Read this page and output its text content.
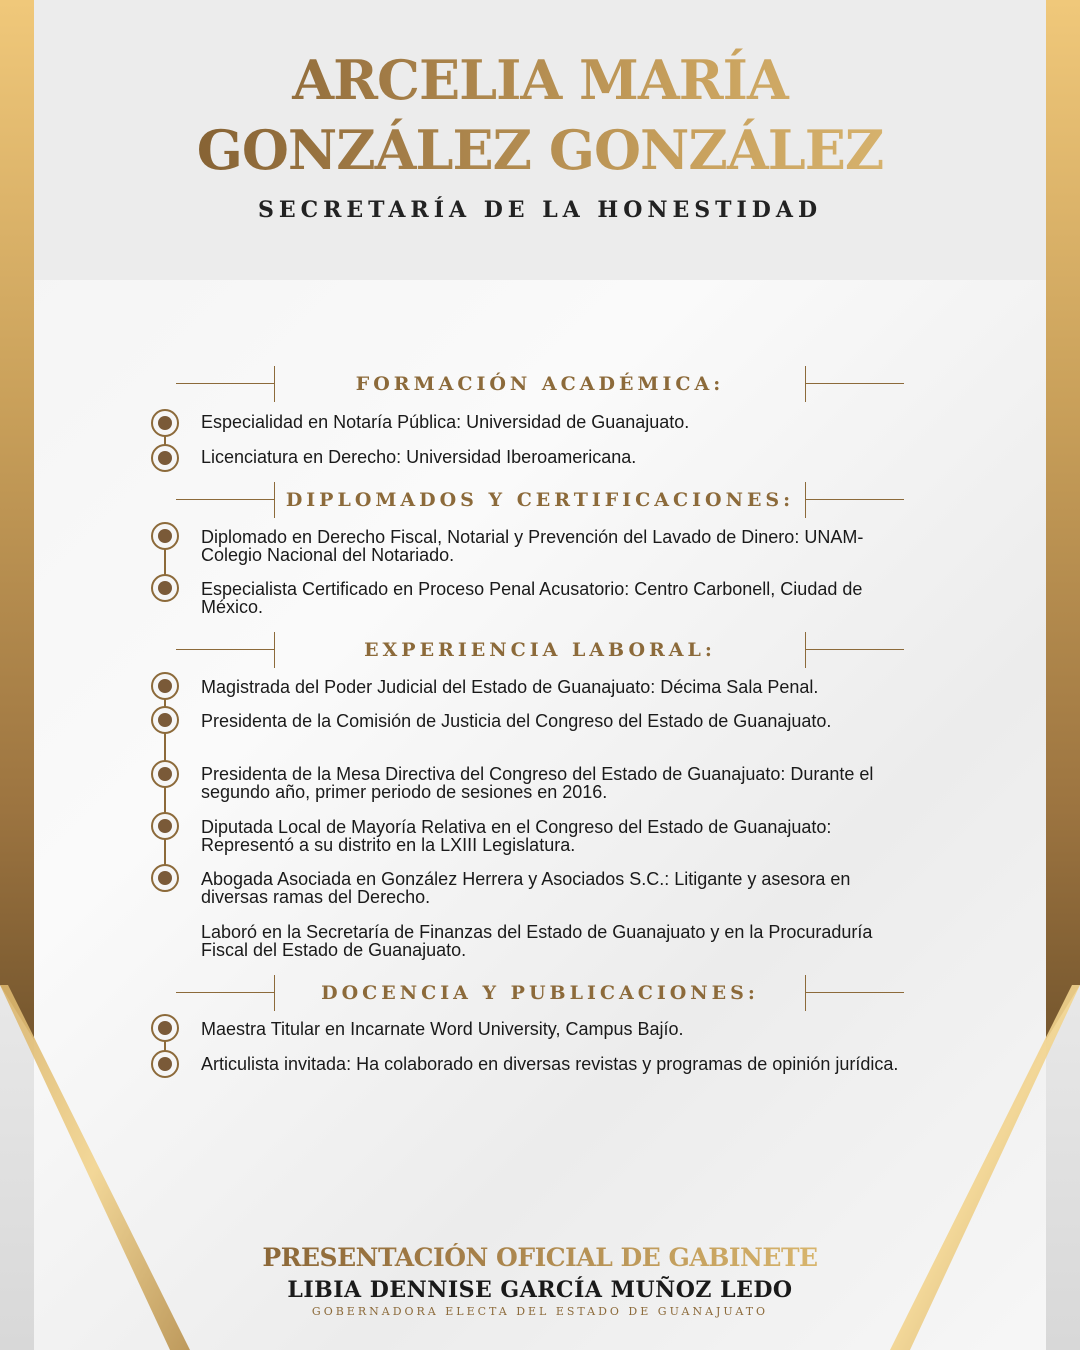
ARCELIA MARÍA
GONZÁLEZ GONZÁLEZ
SECRETARÍA DE LA HONESTIDAD
FORMACIÓN ACADÉMICA:
Especialidad en Notaría Pública: Universidad de Guanajuato.
Licenciatura en Derecho: Universidad Iberoamericana.
DIPLOMADOS Y CERTIFICACIONES:
Diplomado en Derecho Fiscal, Notarial y Prevención del Lavado de Dinero: UNAM-Colegio Nacional del Notariado.
Especialista Certificado en Proceso Penal Acusatorio: Centro Carbonell, Ciudad de México.
EXPERIENCIA LABORAL:
Magistrada del Poder Judicial del Estado de Guanajuato: Décima Sala Penal.
Presidenta de la Comisión de Justicia del Congreso del Estado de Guanajuato.
Presidenta de la Mesa Directiva del Congreso del Estado de Guanajuato: Durante el segundo año, primer periodo de sesiones en 2016.
Diputada Local de Mayoría Relativa en el Congreso del Estado de Guanajuato: Representó a su distrito en la LXIII Legislatura.
Abogada Asociada en González Herrera y Asociados S.C.: Litigante y asesora en diversas ramas del Derecho.
Laboró en la Secretaría de Finanzas del Estado de Guanajuato y en la Procuraduría Fiscal del Estado de Guanajuato.
DOCENCIA Y PUBLICACIONES:
Maestra Titular en Incarnate Word University, Campus Bajío.
Articulista invitada: Ha colaborado en diversas revistas y programas de opinión jurídica.
PRESENTACIÓN OFICIAL DE GABINETE
LIBIA DENNISE GARCÍA MUÑOZ LEDO
GOBERNADORA ELECTA DEL ESTADO DE GUANAJUATO
